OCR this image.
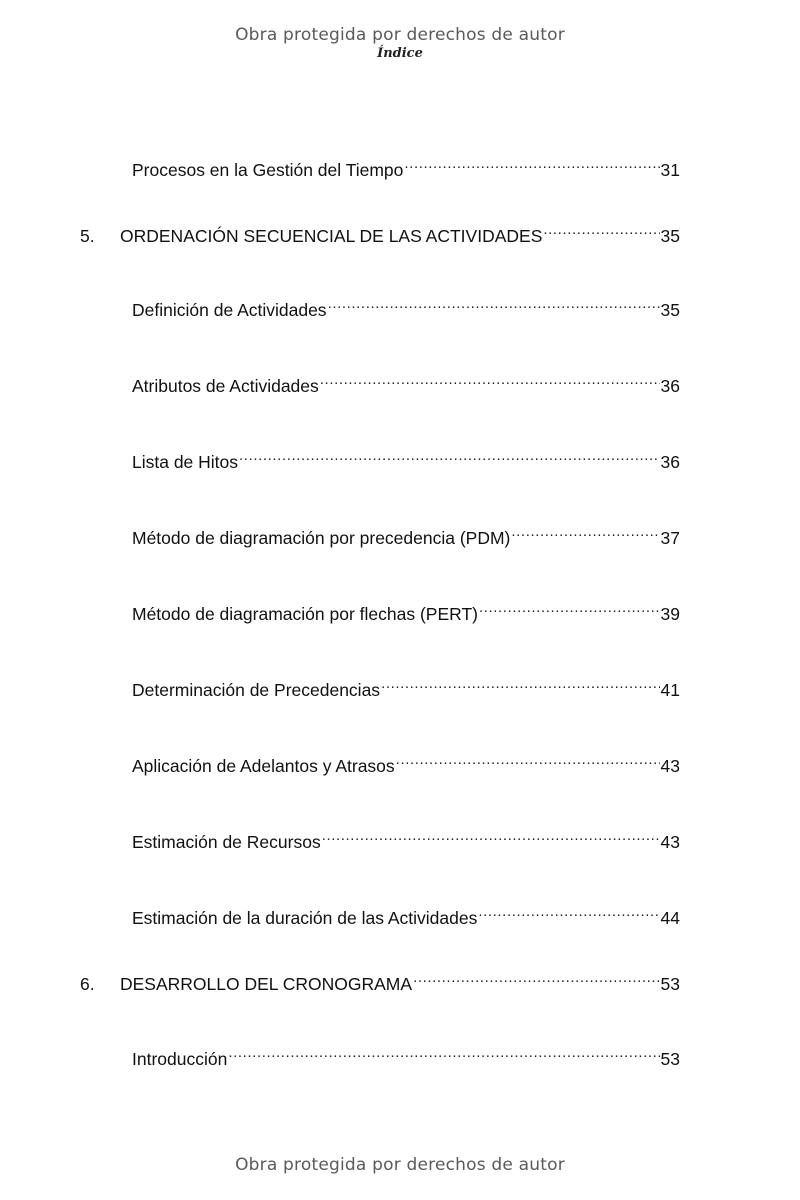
Obra protegida por derechos de autor
Índice
Procesos en la Gestión del Tiempo .....	31
5.	ORDENACIÓN SECUENCIAL DE LAS ACTIVIDADES .....	35
Definición de Actividades .....	35
Atributos de Actividades .....	36
Lista de Hitos .....	36
Método de diagramación por precedencia (PDM) .....	37
Método de diagramación por flechas (PERT) .....	39
Determinación de Precedencias .....	41
Aplicación de Adelantos y Atrasos .....	43
Estimación de Recursos .....	43
Estimación de la duración de las Actividades .....	44
6.	DESARROLLO DEL CRONOGRAMA .....	53
Introducción .....	53
Obra protegida por derechos de autor
